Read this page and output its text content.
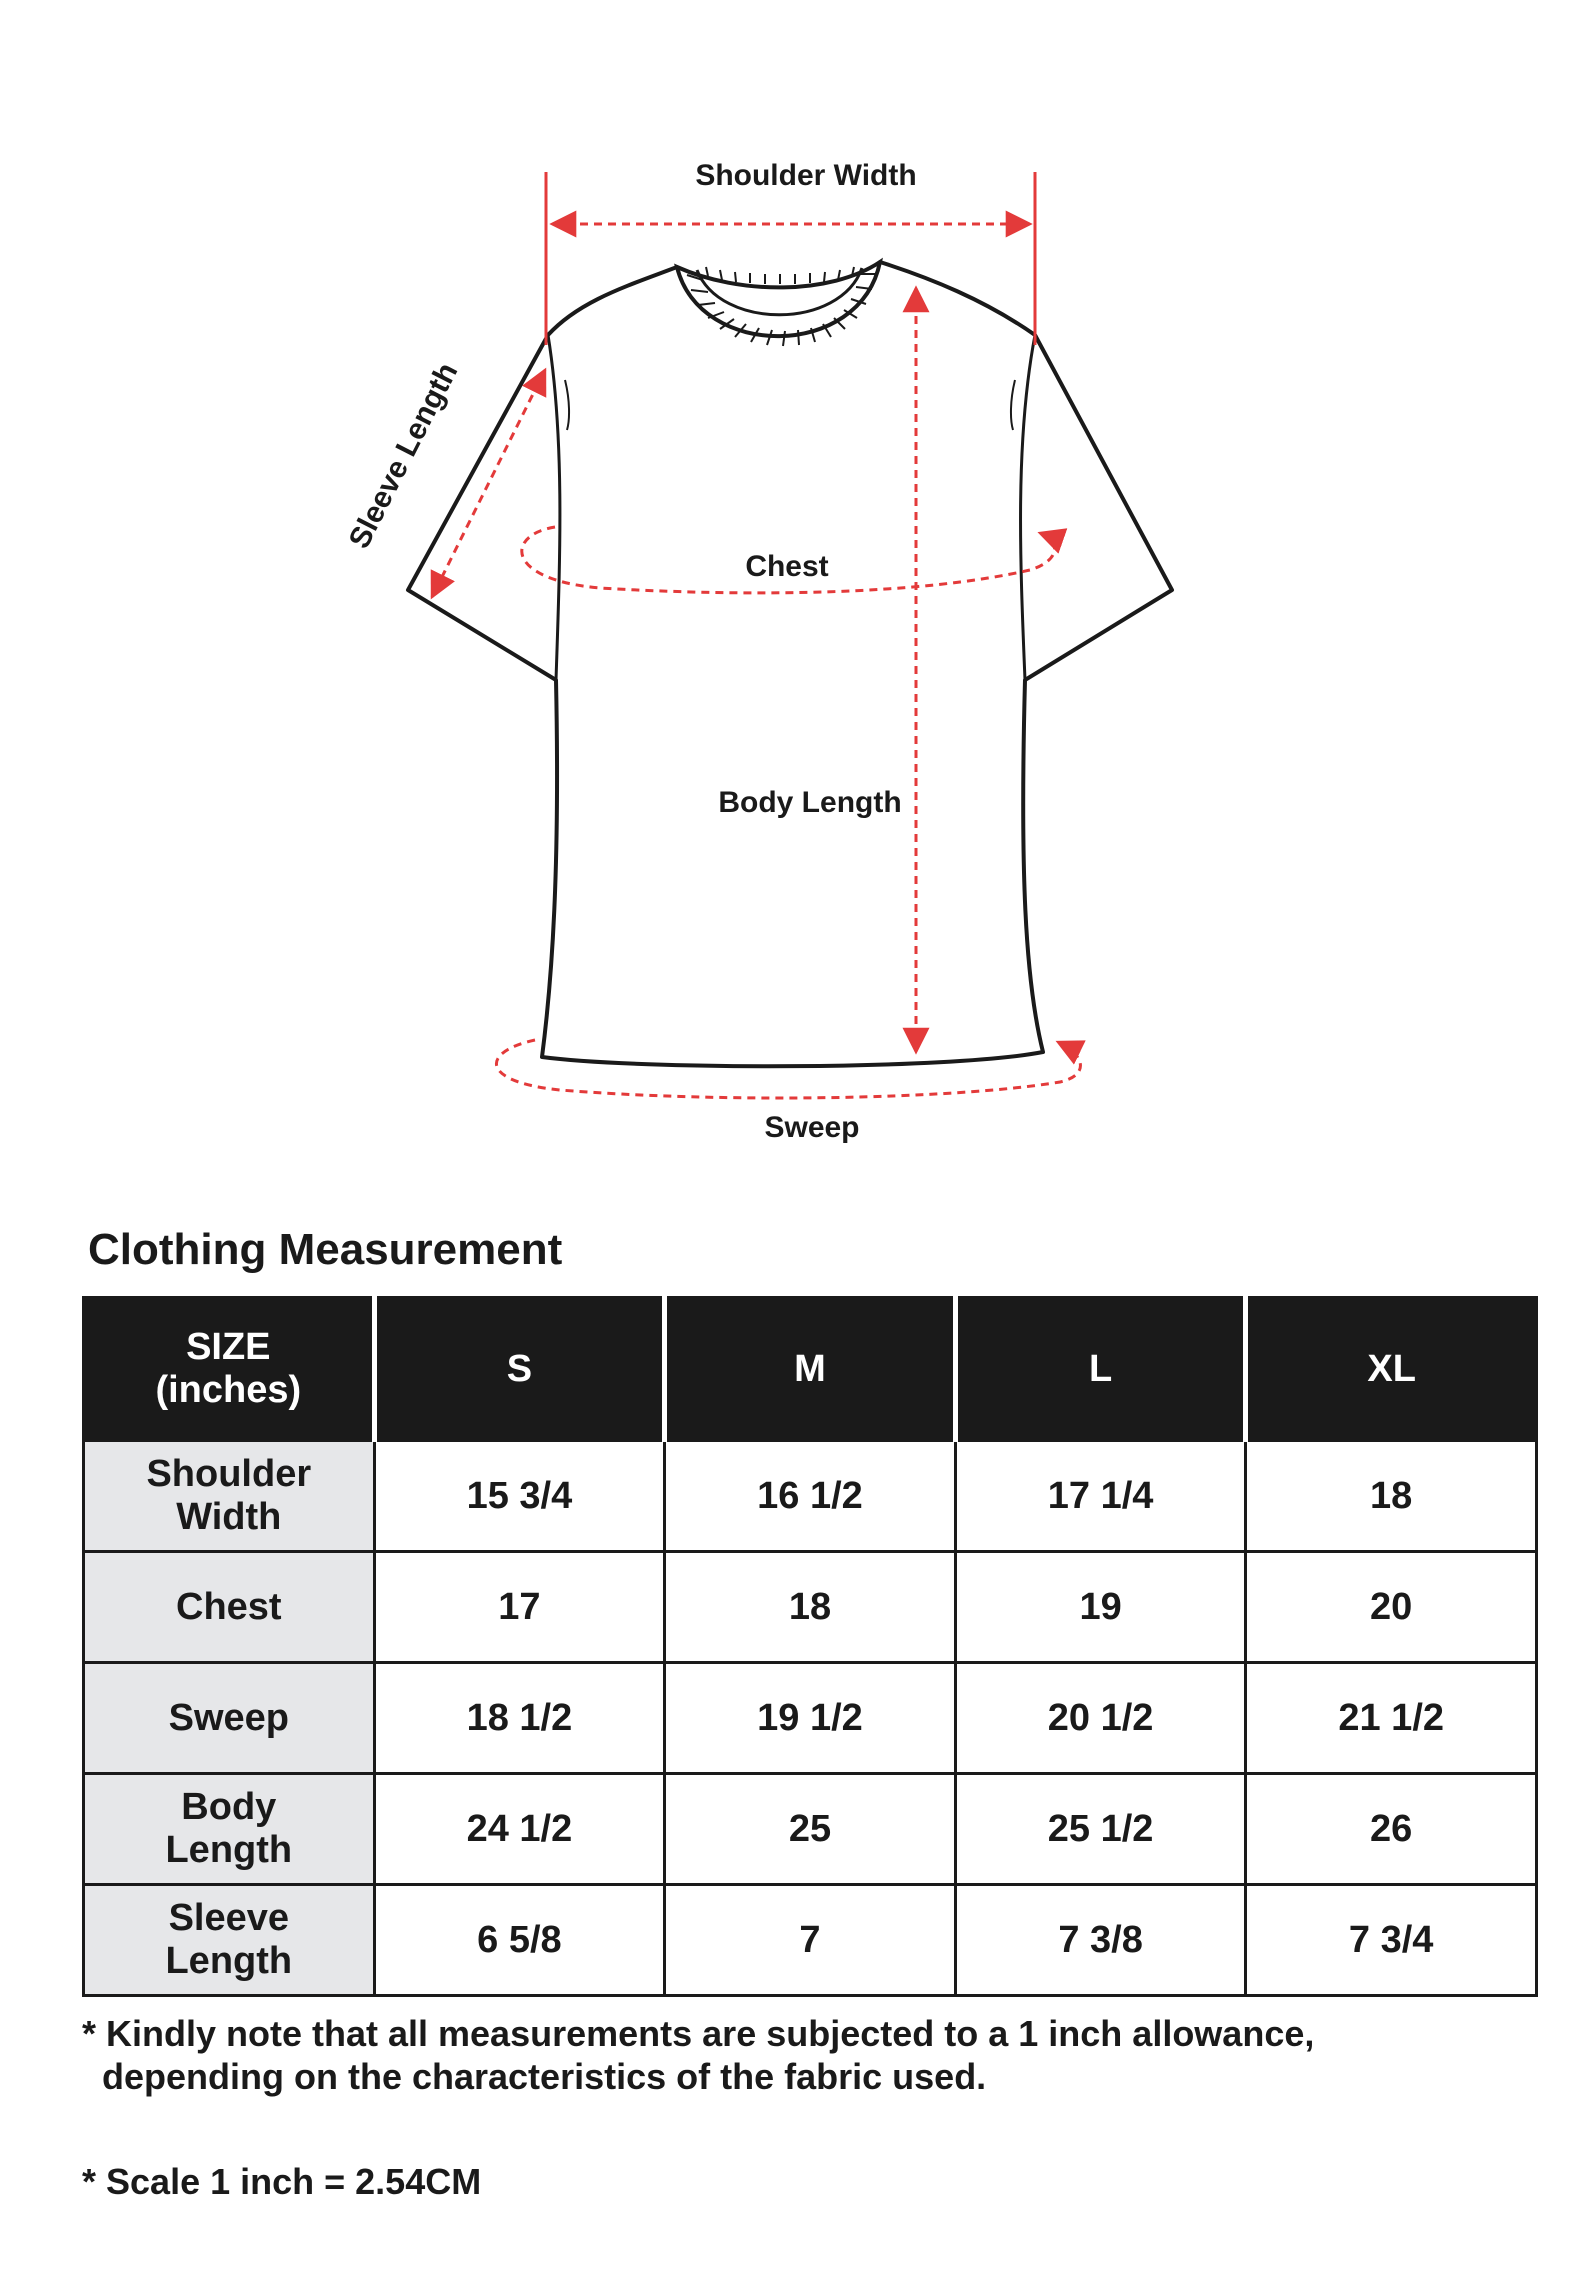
Shoulder Width
Sleeve Length
Chest
Body Length
Sweep
Clothing Measurement
SIZE
(inches)	S	M	L	XL
Shoulder
Width	15 3/4	16 1/2	17 1/4	18
Chest	17	18	19	20
Sweep	18 1/2	19 1/2	20 1/2	21 1/2
Body
Length	24 1/2	25	25 1/2	26
Sleeve
Length	6 5/8	7	7 3/8	7 3/4
* Kindly note that all measurements are subjected to a 1 inch allowance,
depending on the characteristics of the fabric used.
* Scale 1 inch = 2.54CM
